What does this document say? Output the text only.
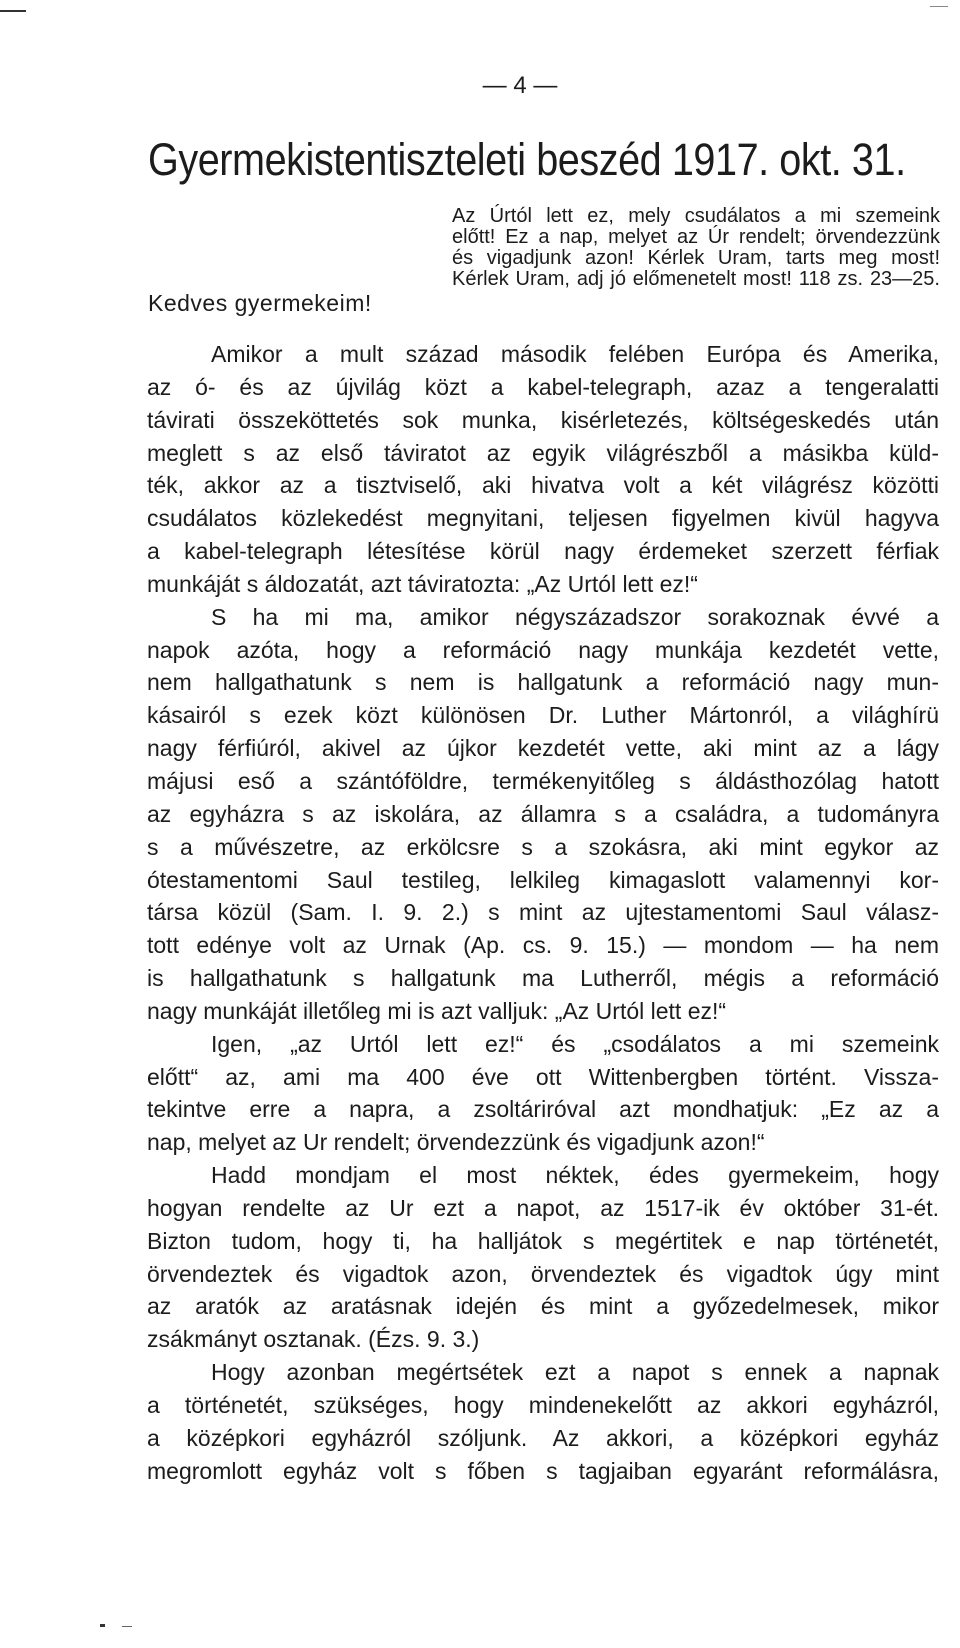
— 4 —
Gyermekistentiszteleti beszéd 1917. okt. 31.
Az Úrtól lett ez, mely csudálatos a mi szemeink
előtt! Ez a nap, melyet az Úr rendelt; örvendezzünk
és vigadjunk azon! Kérlek Uram, tarts meg most!
Kérlek Uram, adj jó előmenetelt most! 118 zs. 23—25.
Kedves gyermekeim!
Amikor a mult század második felében Európa és Amerika,
az ó- és az újvilág közt a kabel-telegraph, azaz a tengeralatti
távirati összeköttetés sok munka, kisérletezés, költségeskedés után
meglett s az első táviratot az egyik világrészből a másikba küld-
ték, akkor az a tisztviselő, aki hivatva volt a két világrész közötti
csudálatos közlekedést megnyitani, teljesen figyelmen kivül hagyva
a kabel-telegraph létesítése körül nagy érdemeket szerzett férfiak
munkáját s áldozatát, azt táviratozta: „Az Urtól lett ez!“
S ha mi ma, amikor négyszázadszor sorakoznak évvé a
napok azóta, hogy a reformáció nagy munkája kezdetét vette,
nem hallgathatunk s nem is hallgatunk a reformáció nagy mun-
kásairól s ezek közt különösen Dr. Luther Mártonról, a világhírü
nagy férfiúról, akivel az újkor kezdetét vette, aki mint az a lágy
májusi eső a szántóföldre, termékenyitőleg s áldásthozólag hatott
az egyházra s az iskolára, az államra s a családra, a tudományra
s a művészetre, az erkölcsre s a szokásra, aki mint egykor az
ótestamentomi Saul testileg, lelkileg kimagaslott valamennyi kor-
társa közül (Sam. I. 9. 2.) s mint az ujtestamentomi Saul válasz-
tott edénye volt az Urnak (Ap. cs. 9. 15.) — mondom — ha nem
is hallgathatunk s hallgatunk ma Lutherről, mégis a reformáció
nagy munkáját illetőleg mi is azt valljuk: „Az Urtól lett ez!“
Igen, „az Urtól lett ez!“ és „csodálatos a mi szemeink
előtt“ az, ami ma 400 éve ott Wittenbergben történt. Vissza-
tekintve erre a napra, a zsoltáriróval azt mondhatjuk: „Ez az a
nap, melyet az Ur rendelt; örvendezzünk és vigadjunk azon!“
Hadd mondjam el most néktek, édes gyermekeim, hogy
hogyan rendelte az Ur ezt a napot, az 1517-ik év október 31-ét.
Bizton tudom, hogy ti, ha halljátok s megértitek e nap történetét,
örvendeztek és vigadtok azon, örvendeztek és vigadtok úgy mint
az aratók az aratásnak idején és mint a győzedelmesek, mikor
zsákmányt osztanak. (Ézs. 9. 3.)
Hogy azonban megértsétek ezt a napot s ennek a napnak
a történetét, szükséges, hogy mindenekelőtt az akkori egyházról,
a középkori egyházról szóljunk. Az akkori, a középkori egyház
megromlott egyház volt s főben s tagjaiban egyaránt reformálásra,
